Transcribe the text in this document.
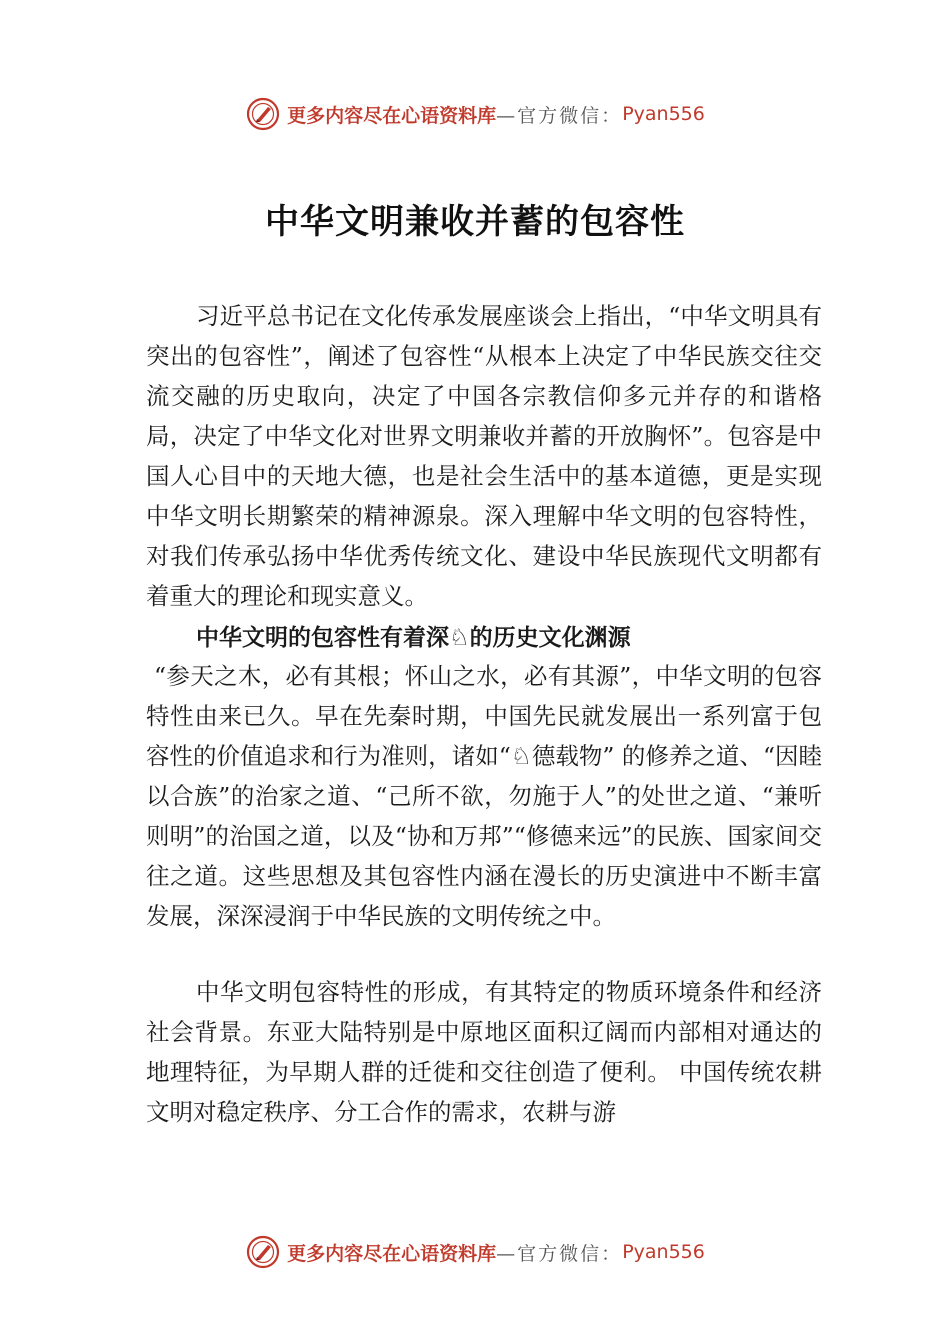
更多内容尽在心语资料库 —官方微信： Pyan556
中华文明兼收并蓄的包容性

习近平总书记在文化传承发展座谈会上指出，“中华文明具有突出的包容性”，阐述了包容性“从根本上决定了中华民族交往交流交融的历史取向，决定了中国各宗教信仰多元并存的和谐格局，决定了中华文化对世界文明兼收并蓄的开放胸怀”。包容是中国人心目中的天地大德，也是社会生活中的基本道德，更是实现中华文明长期繁荣的精神源泉。深入理解中华文明的包容特性，对我们传承弘扬中华优秀传统文化、建设中华民族现代文明都有着重大的理论和现实意义。

中华文明的包容性有着深♘的历史文化渊源

“参天之木，必有其根；怀山之水，必有其源”，中华文明的包容特性由来已久。早在先秦时期，中国先民就发展出一系列富于包容性的价值追求和行为准则，诸如“♘德载物” 的修养之道、“因睦以合族”的治家之道、“己所不欲，勿施于人”的处世之道、“兼听则明”的治国之道，以及“协和万邦”“修德来远”的民族、国家间交往之道。这些思想及其包容性内涵在漫长的历史演进中不断丰富发展，深深浸润于中华民族的文明传统之中。

中华文明包容特性的形成，有其特定的物质环境条件和经济社会背景。东亚大陆特别是中原地区面积辽阔而内部相对通达的地理特征，为早期人群的迁徙和交往创造了便利。 中国传统农耕文明对稳定秩序、分工合作的需求，农耕与游

更多内容尽在心语资料库 —官方微信： Pyan556
